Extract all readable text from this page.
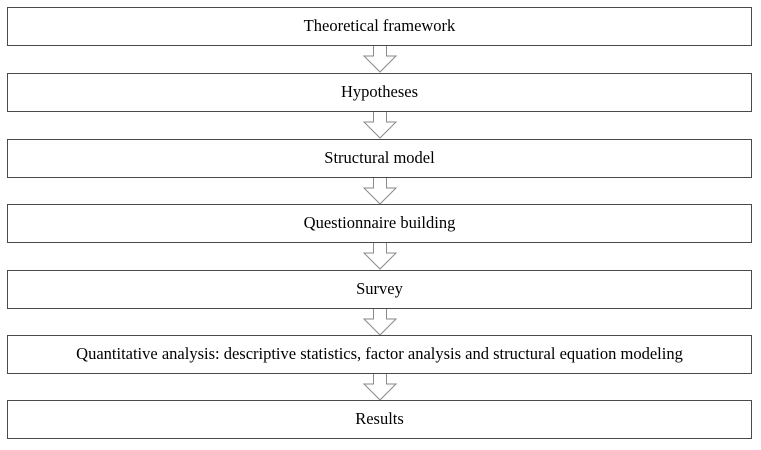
Theoretical framework
Hypotheses
Structural model
Questionnaire building
Survey
Quantitative analysis: descriptive statistics, factor analysis and structural equation modeling
Results
